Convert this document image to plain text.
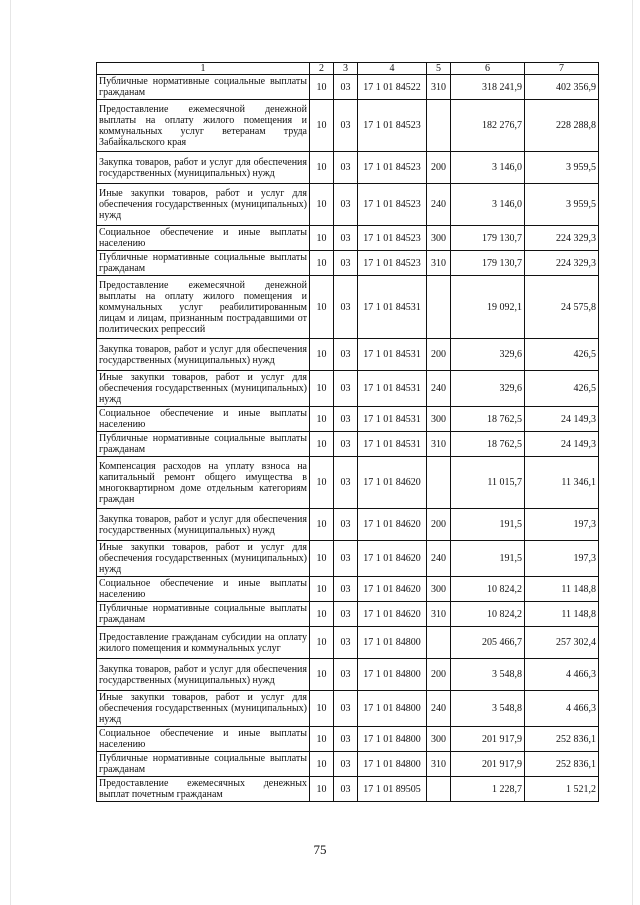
1	2	3	4	5	6	7
Публичные нормативные социальные выплаты гражданам	10	03	17 1 01 84522	310	318 241,9	402 356,9
Предоставление ежемесячной денежной выплаты на оплату жилого помещения и коммунальных услуг ветеранам труда Забайкальского края	10	03	17 1 01 84523		182 276,7	228 288,8
Закупка товаров, работ и услуг для обеспечения государственных (муниципальных) нужд	10	03	17 1 01 84523	200	3 146,0	3 959,5
Иные закупки товаров, работ и услуг для обеспечения государственных (муниципальных) нужд	10	03	17 1 01 84523	240	3 146,0	3 959,5
Социальное обеспечение и иные выплаты населению	10	03	17 1 01 84523	300	179 130,7	224 329,3
Публичные нормативные социальные выплаты гражданам	10	03	17 1 01 84523	310	179 130,7	224 329,3
Предоставление ежемесячной денежной выплаты на оплату жилого помещения и коммунальных услуг реабилитированным лицам и лицам, признанным пострадавшими от политических репрессий	10	03	17 1 01 84531		19 092,1	24 575,8
Закупка товаров, работ и услуг для обеспечения государственных (муниципальных) нужд	10	03	17 1 01 84531	200	329,6	426,5
Иные закупки товаров, работ и услуг для обеспечения государственных (муниципальных) нужд	10	03	17 1 01 84531	240	329,6	426,5
Социальное обеспечение и иные выплаты населению	10	03	17 1 01 84531	300	18 762,5	24 149,3
Публичные нормативные социальные выплаты гражданам	10	03	17 1 01 84531	310	18 762,5	24 149,3
Компенсация расходов на уплату взноса на капитальный ремонт общего имущества в многоквартирном доме отдельным категориям граждан	10	03	17 1 01 84620		11 015,7	11 346,1
Закупка товаров, работ и услуг для обеспечения государственных (муниципальных) нужд	10	03	17 1 01 84620	200	191,5	197,3
Иные закупки товаров, работ и услуг для обеспечения государственных (муниципальных) нужд	10	03	17 1 01 84620	240	191,5	197,3
Социальное обеспечение и иные выплаты населению	10	03	17 1 01 84620	300	10 824,2	11 148,8
Публичные нормативные социальные выплаты гражданам	10	03	17 1 01 84620	310	10 824,2	11 148,8
Предоставление гражданам субсидии на оплату жилого помещения и коммунальных услуг	10	03	17 1 01 84800		205 466,7	257 302,4
Закупка товаров, работ и услуг для обеспечения государственных (муниципальных) нужд	10	03	17 1 01 84800	200	3 548,8	4 466,3
Иные закупки товаров, работ и услуг для обеспечения государственных (муниципальных) нужд	10	03	17 1 01 84800	240	3 548,8	4 466,3
Социальное обеспечение и иные выплаты населению	10	03	17 1 01 84800	300	201 917,9	252 836,1
Публичные нормативные социальные выплаты гражданам	10	03	17 1 01 84800	310	201 917,9	252 836,1
Предоставление ежемесячных денежных выплат почетным гражданам	10	03	17 1 01 89505		1 228,7	1 521,2
75
